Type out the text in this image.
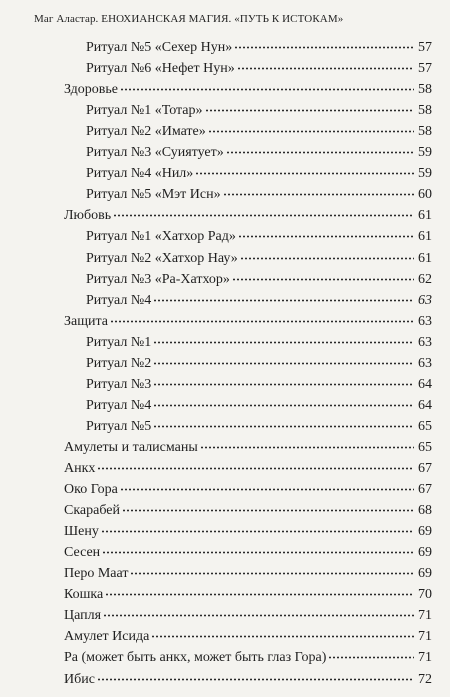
Маг Аластар. ЕНОХИАНСКАЯ МАГИЯ. «ПУТЬ К ИСТОКАМ»
Ритуал №5 «Сехер Нун»	57
Ритуал №6 «Нефет Нун»	57
Здоровье	58
Ритуал №1 «Тотар»	58
Ритуал №2 «Имате»	58
Ритуал №3 «Суиятует»	59
Ритуал №4 «Нил»	59
Ритуал №5 «Мэт Исн»	60
Любовь	61
Ритуал №1 «Хатхор Рад»	61
Ритуал №2 «Хатхор Нау»	61
Ритуал №3 «Ра-Хатхор»	62
Ритуал №4	63
Защита	63
Ритуал №1	63
Ритуал №2	63
Ритуал №3	64
Ритуал №4	64
Ритуал №5	65
Амулеты и талисманы	65
Анкх	67
Око Гора	67
Скарабей	68
Шену	69
Сесен	69
Перо Маат	69
Кошка	70
Цапля	71
Амулет Исида	71
Ра (может быть анкх, может быть глаз Гора)	71
Ибис	72
